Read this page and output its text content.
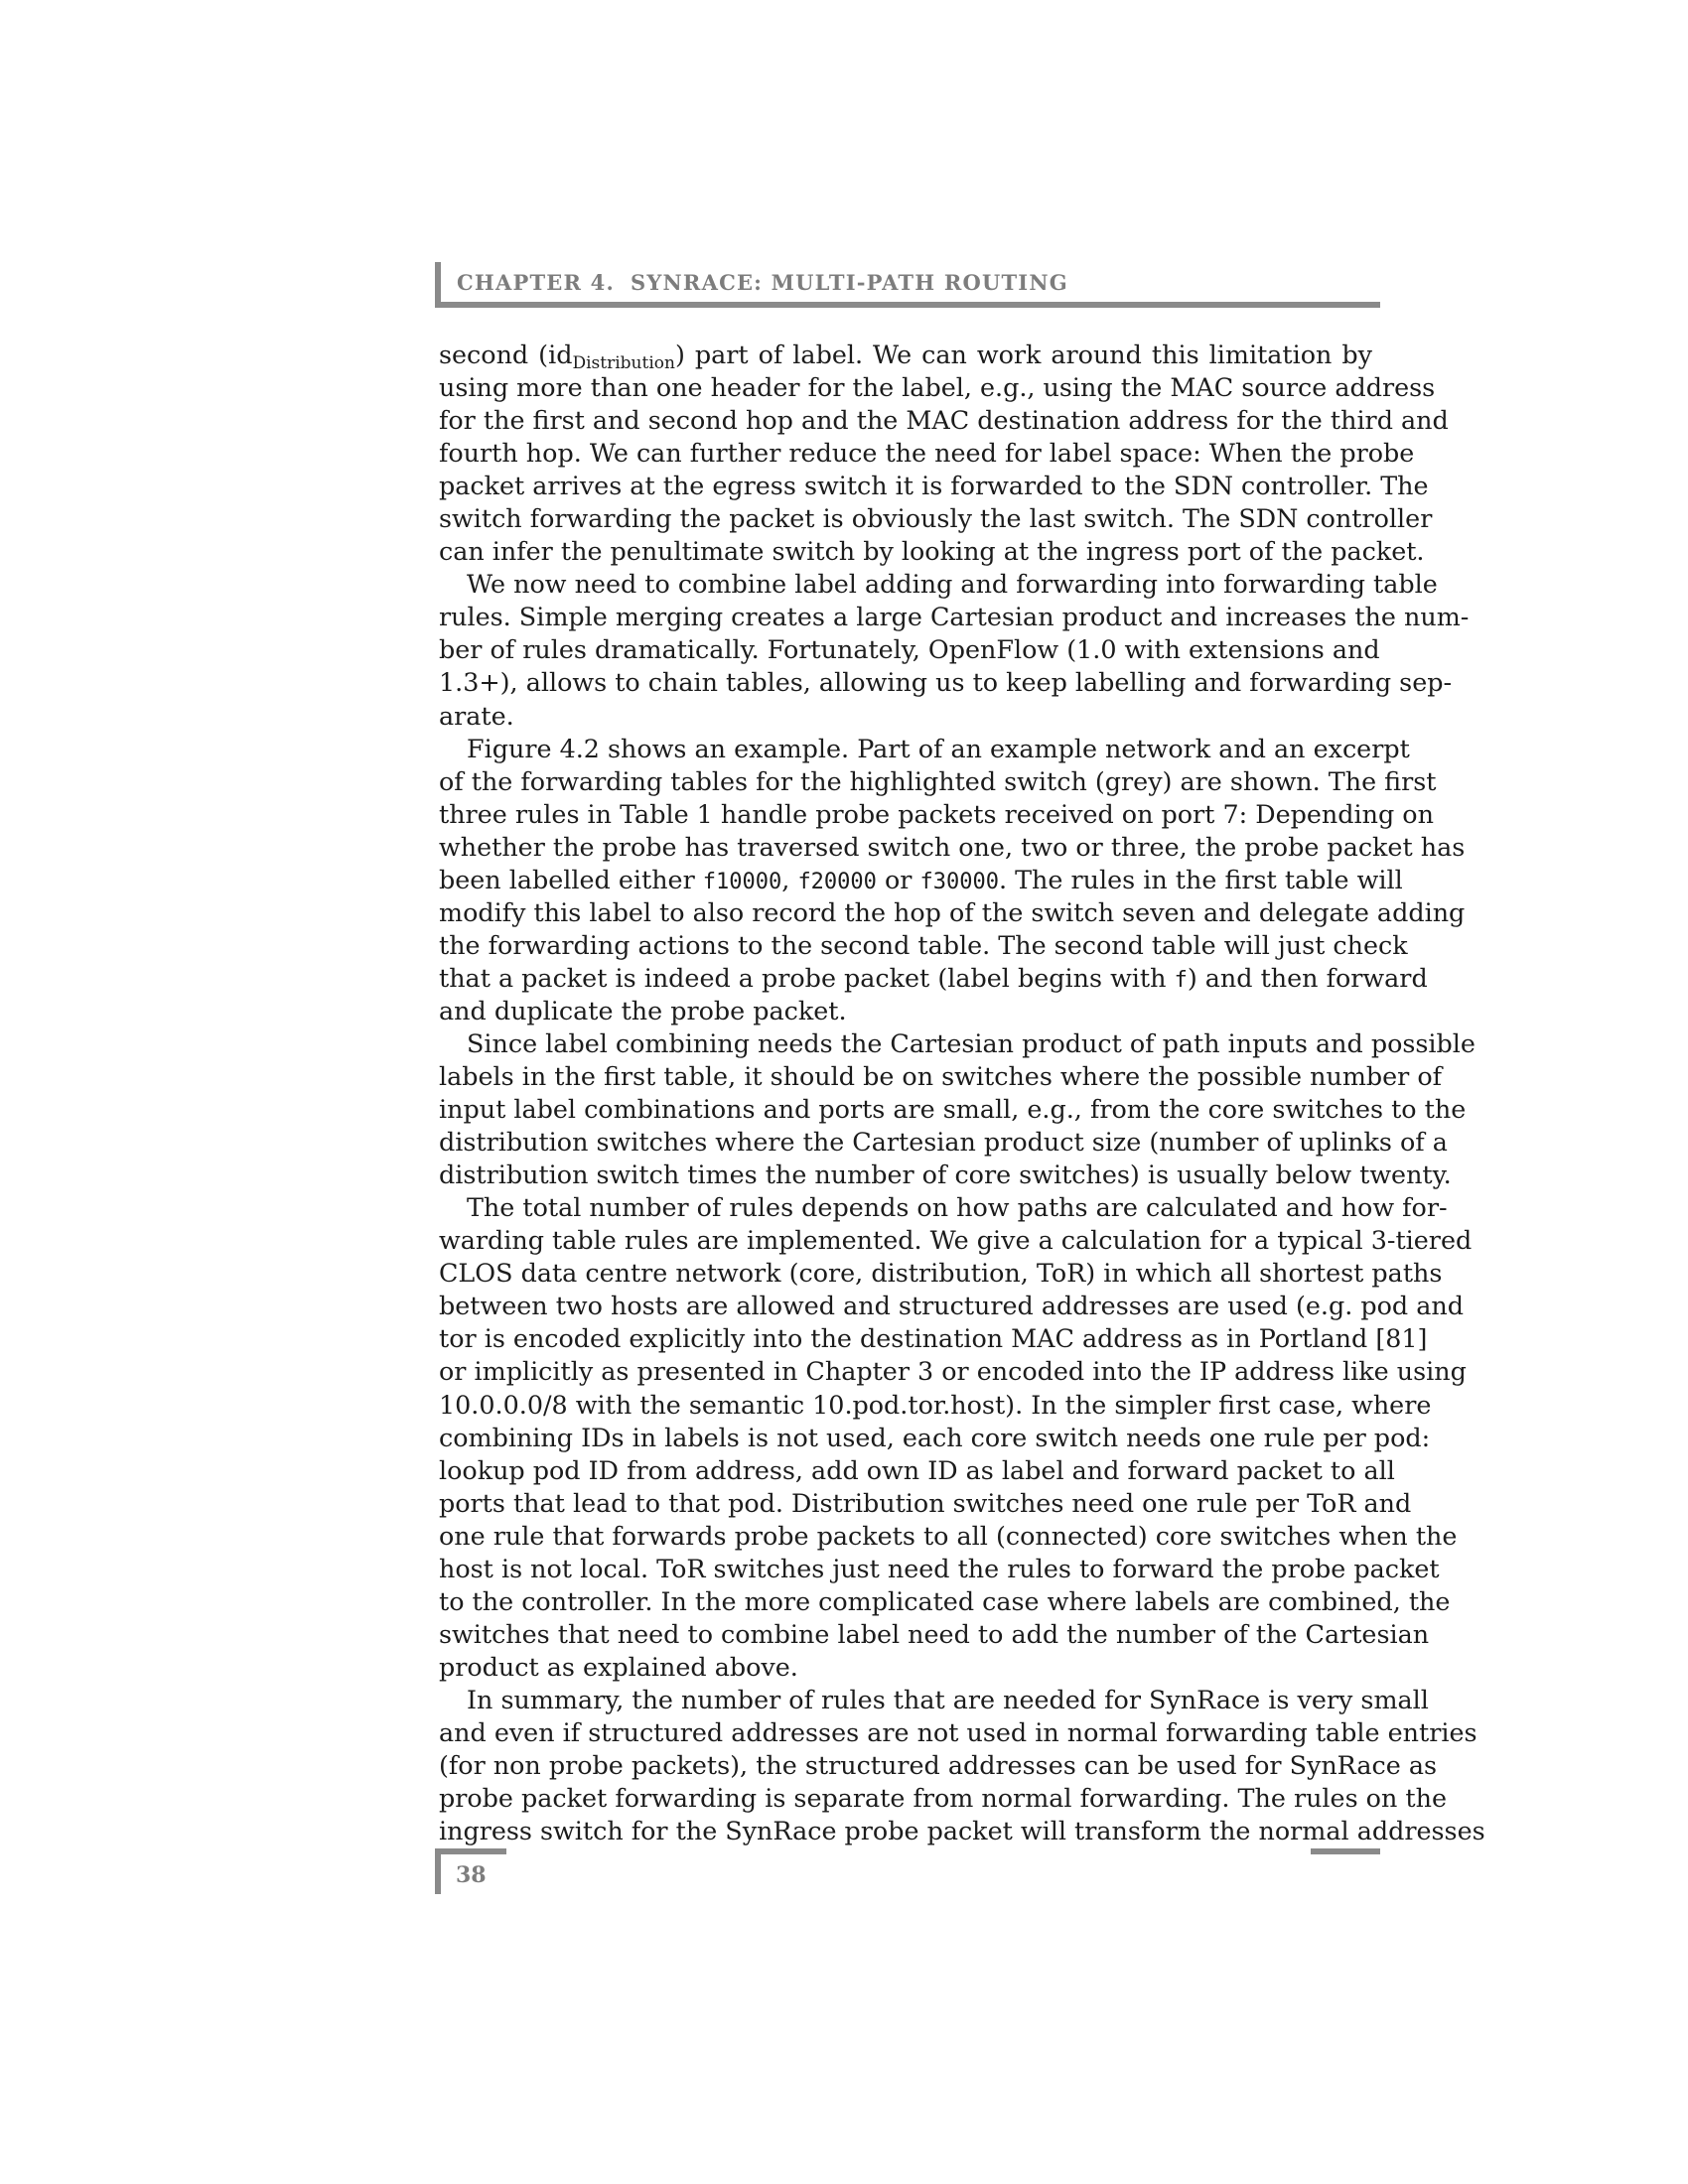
CHAPTER 4. SYNRACE: MULTI-PATH ROUTING
second $(id_{Distribution})$ part of label. We can work around this limitation by
using more than one header for the label, e.g., using the MAC source address
for the first and second hop and the MAC destination address for the third and
fourth hop. We can further reduce the need for label space: When the probe
packet arrives at the egress switch it is forwarded to the SDN controller. The
switch forwarding the packet is obviously the last switch. The SDN controller
can infer the penultimate switch by looking at the ingress port of the packet.
We now need to combine label adding and forwarding into forwarding table
rules. Simple merging creates a large Cartesian product and increases the num-
ber of rules dramatically. Fortunately, OpenFlow (1.0 with extensions and
1.3+), allows to chain tables, allowing us to keep labelling and forwarding sep-
arate.
Figure 4.2 shows an example. Part of an example network and an excerpt
of the forwarding tables for the highlighted switch (grey) are shown. The first
three rules in Table 1 handle probe packets received on port 7: Depending on
whether the probe has traversed switch one, two or three, the probe packet has
been labelled either f10000, f20000 or f30000. The rules in the first table will
modify this label to also record the hop of the switch seven and delegate adding
the forwarding actions to the second table. The second table will just check
that a packet is indeed a probe packet (label begins with f) and then forward
and duplicate the probe packet.
Since label combining needs the Cartesian product of path inputs and possible
labels in the first table, it should be on switches where the possible number of
input label combinations and ports are small, e.g., from the core switches to the
distribution switches where the Cartesian product size (number of uplinks of a
distribution switch times the number of core switches) is usually below twenty.
The total number of rules depends on how paths are calculated and how for-
warding table rules are implemented. We give a calculation for a typical 3-tiered
CLOS data centre network (core, distribution, ToR) in which all shortest paths
between two hosts are allowed and structured addresses are used (e.g. pod and
tor is encoded explicitly into the destination MAC address as in Portland [81]
or implicitly as presented in Chapter 3 or encoded into the IP address like using
10.0.0.0/8 with the semantic 10.pod.tor.host). In the simpler first case, where
combining IDs in labels is not used, each core switch needs one rule per pod:
lookup pod ID from address, add own ID as label and forward packet to all
ports that lead to that pod. Distribution switches need one rule per ToR and
one rule that forwards probe packets to all (connected) core switches when the
host is not local. ToR switches just need the rules to forward the probe packet
to the controller. In the more complicated case where labels are combined, the
switches that need to combine label need to add the number of the Cartesian
product as explained above.
In summary, the number of rules that are needed for SynRace is very small
and even if structured addresses are not used in normal forwarding table entries
(for non probe packets), the structured addresses can be used for SynRace as
probe packet forwarding is separate from normal forwarding. The rules on the
ingress switch for the SynRace probe packet will transform the normal addresses
38
